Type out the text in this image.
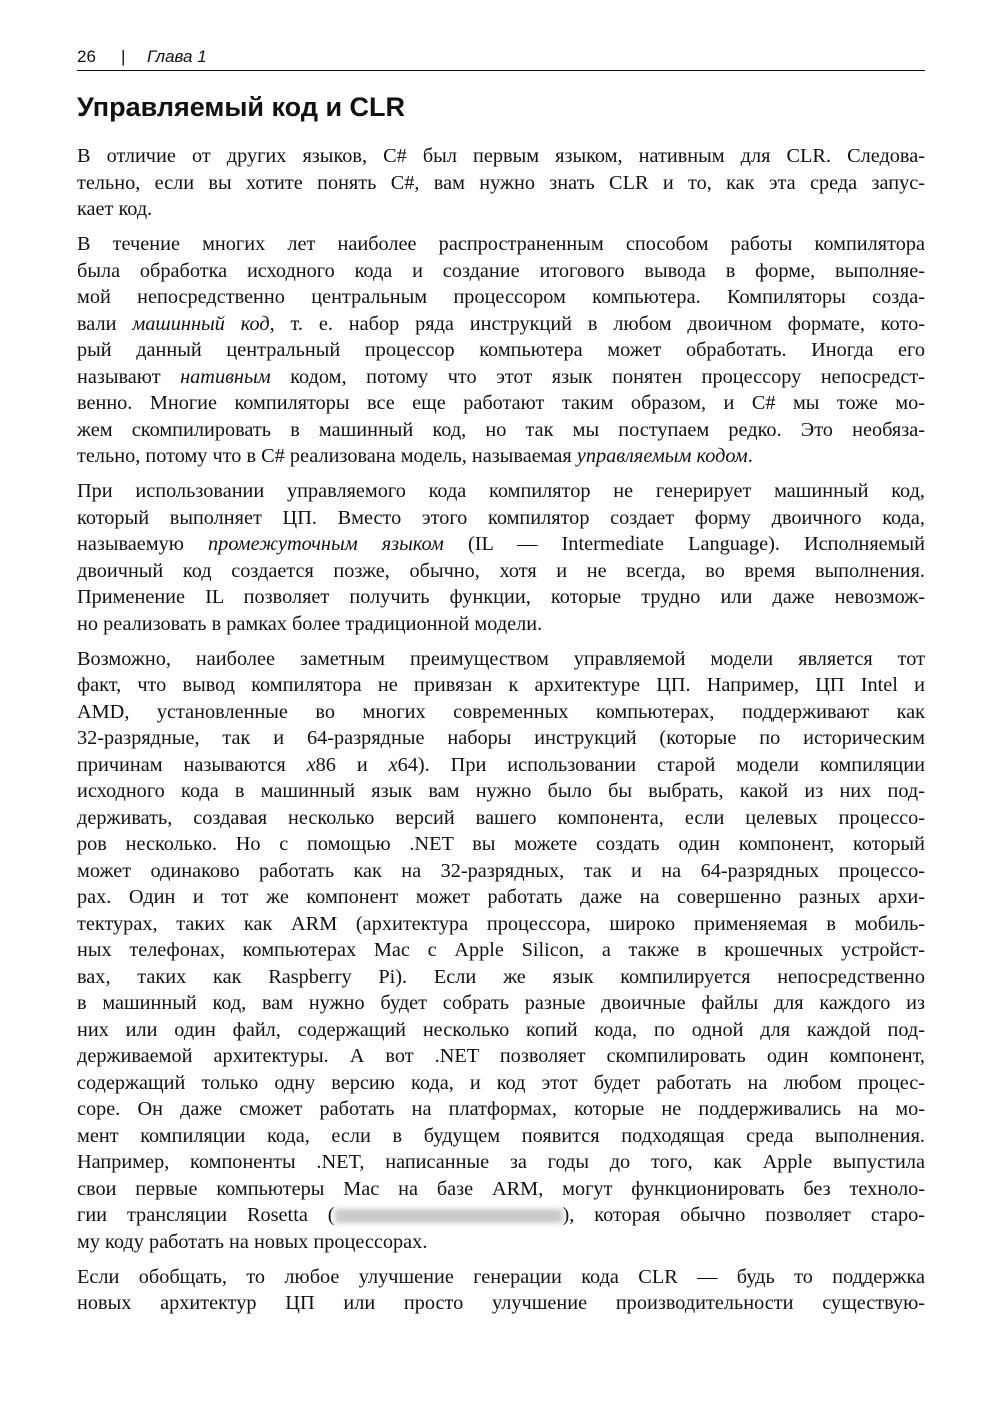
26 | Глава 1
Управляемый код и CLR
В отличие от других языков, C# был первым языком, нативным для CLR. Следова-
тельно, если вы хотите понять C#, вам нужно знать CLR и то, как эта среда запус-
кает код.
В течение многих лет наиболее распространенным способом работы компилятора
была обработка исходного кода и создание итогового вывода в форме, выполняе-
мой непосредственно центральным процессором компьютера. Компиляторы созда-
вали машинный код, т. е. набор ряда инструкций в любом двоичном формате, кото-
рый данный центральный процессор компьютера может обработать. Иногда его
называют нативным кодом, потому что этот язык понятен процессору непосредст-
венно. Многие компиляторы все еще работают таким образом, и C# мы тоже мо-
жем скомпилировать в машинный код, но так мы поступаем редко. Это необяза-
тельно, потому что в C# реализована модель, называемая управляемым кодом.
При использовании управляемого кода компилятор не генерирует машинный код,
который выполняет ЦП. Вместо этого компилятор создает форму двоичного кода,
называемую промежуточным языком (IL — Intermediate Language). Исполняемый
двоичный код создается позже, обычно, хотя и не всегда, во время выполнения.
Применение IL позволяет получить функции, которые трудно или даже невозмож-
но реализовать в рамках более традиционной модели.
Возможно, наиболее заметным преимуществом управляемой модели является тот
факт, что вывод компилятора не привязан к архитектуре ЦП. Например, ЦП Intel и
AMD, установленные во многих современных компьютерах, поддерживают как
32-разрядные, так и 64-разрядные наборы инструкций (которые по историческим
причинам называются x86 и x64). При использовании старой модели компиляции
исходного кода в машинный язык вам нужно было бы выбрать, какой из них под-
держивать, создавая несколько версий вашего компонента, если целевых процессо-
ров несколько. Но с помощью .NET вы можете создать один компонент, который
может одинаково работать как на 32-разрядных, так и на 64-разрядных процессо-
рах. Один и тот же компонент может работать даже на совершенно разных архи-
тектурах, таких как ARM (архитектура процессора, широко применяемая в мобиль-
ных телефонах, компьютерах Mac с Apple Silicon, а также в крошечных устройст-
вах, таких как Raspberry Pi). Если же язык компилируется непосредственно
в машинный код, вам нужно будет собрать разные двоичные файлы для каждого из
них или один файл, содержащий несколько копий кода, по одной для каждой под-
держиваемой архитектуры. А вот .NET позволяет скомпилировать один компонент,
содержащий только одну версию кода, и код этот будет работать на любом процес-
соре. Он даже сможет работать на платформах, которые не поддерживались на мо-
мент компиляции кода, если в будущем появится подходящая среда выполнения.
Например, компоненты .NET, написанные за годы до того, как Apple выпустила
свои первые компьютеры Mac на базе ARM, могут функционировать без техноло-
гии трансляции Rosetta (	), которая обычно позволяет старо-
му коду работать на новых процессорах.
Если обобщать, то любое улучшение генерации кода CLR — будь то поддержка
новых архитектур ЦП или просто улучшение производительности существую-
